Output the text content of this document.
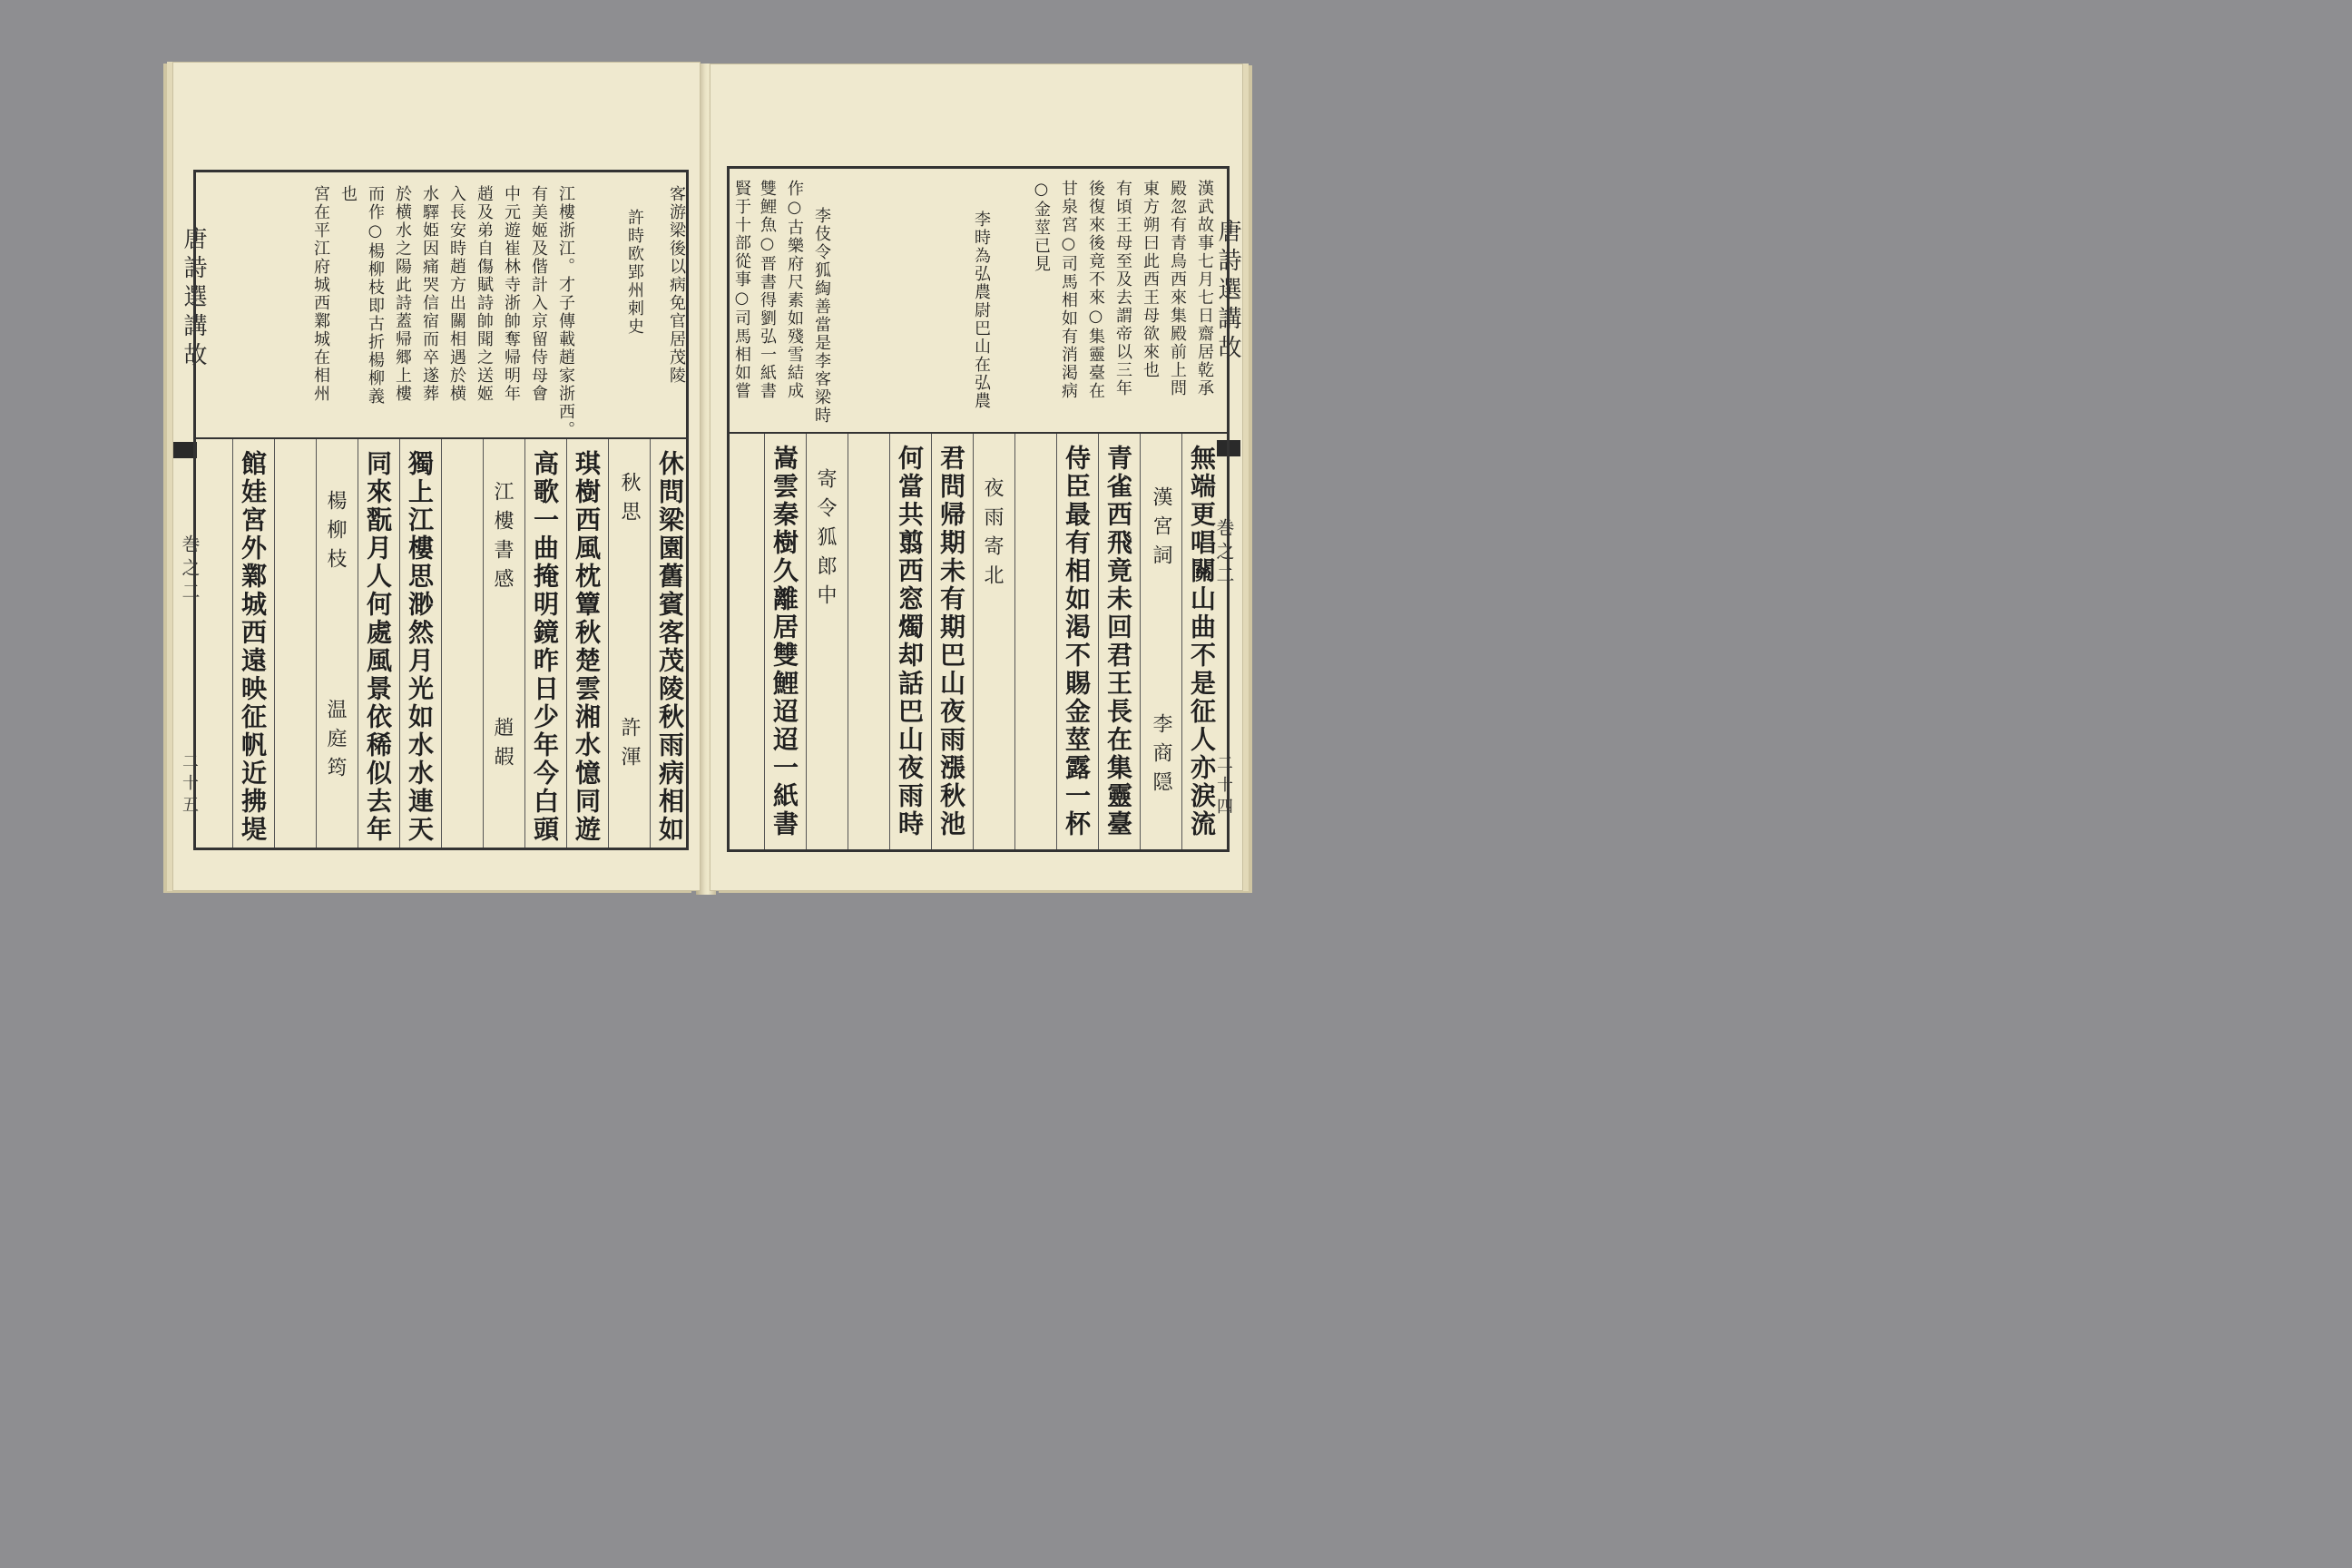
唐詩選講故
巻之二
二十五
客游梁後以病免官居茂陵
許時欧郢州刺史
江樓浙江。才子傳載趙家浙西。
有美姬及偕計入京留侍母會
中元遊崔林寺浙帥奪帰明年
趙及弟自傷賦詩帥聞之送姬
入長安時趙方出關相遇於横
水驛姫因痛哭信宿而卒遂葬
於横水之陽此詩蓋帰郷上樓
而作○楊柳枝即古折楊柳義
也
宮在平江府城西鄴城在相州
休問梁園舊賓客茂陵秋雨病相如
秋思
許渾
琪樹西風枕簟秋楚雲湘水憶同遊
高歌一曲掩明鏡昨日少年今白頭
江樓書感
趙嘏
獨上江樓思渺然月光如水水連天
同來翫月人何處風景依稀似去年
楊柳枝
温庭筠
館娃宮外鄴城西遠映征帆近拂堤
唐詩選講故
巻之二
二十四
漢武故事七月七日齋居乾承
殿忽有青鳥西來集殿前上問
東方朔曰此西王母欲來也
有頃王母至及去謂帝以三年
後復來後竟不來○集靈臺在
甘泉宮○司馬相如有消渇病
○金莖已見
李時為弘農尉巴山在弘農
李伎令狐綯善當是李客梁時
作○古樂府尺素如殘雪結成
雙鯉魚○晋書得劉弘一紙書
賢于十部從事○司馬相如嘗
無端更唱關山曲不是征人亦涙流
漢宮詞
李商隠
青雀西飛竟未回君王長在集靈臺
侍臣最有相如渇不賜金莖露一杯
夜雨寄北
君問帰期未有期巴山夜雨漲秋池
何當共翦西窓燭却話巴山夜雨時
寄令狐郎中
嵩雲秦樹久離居雙鯉迢迢一紙書
